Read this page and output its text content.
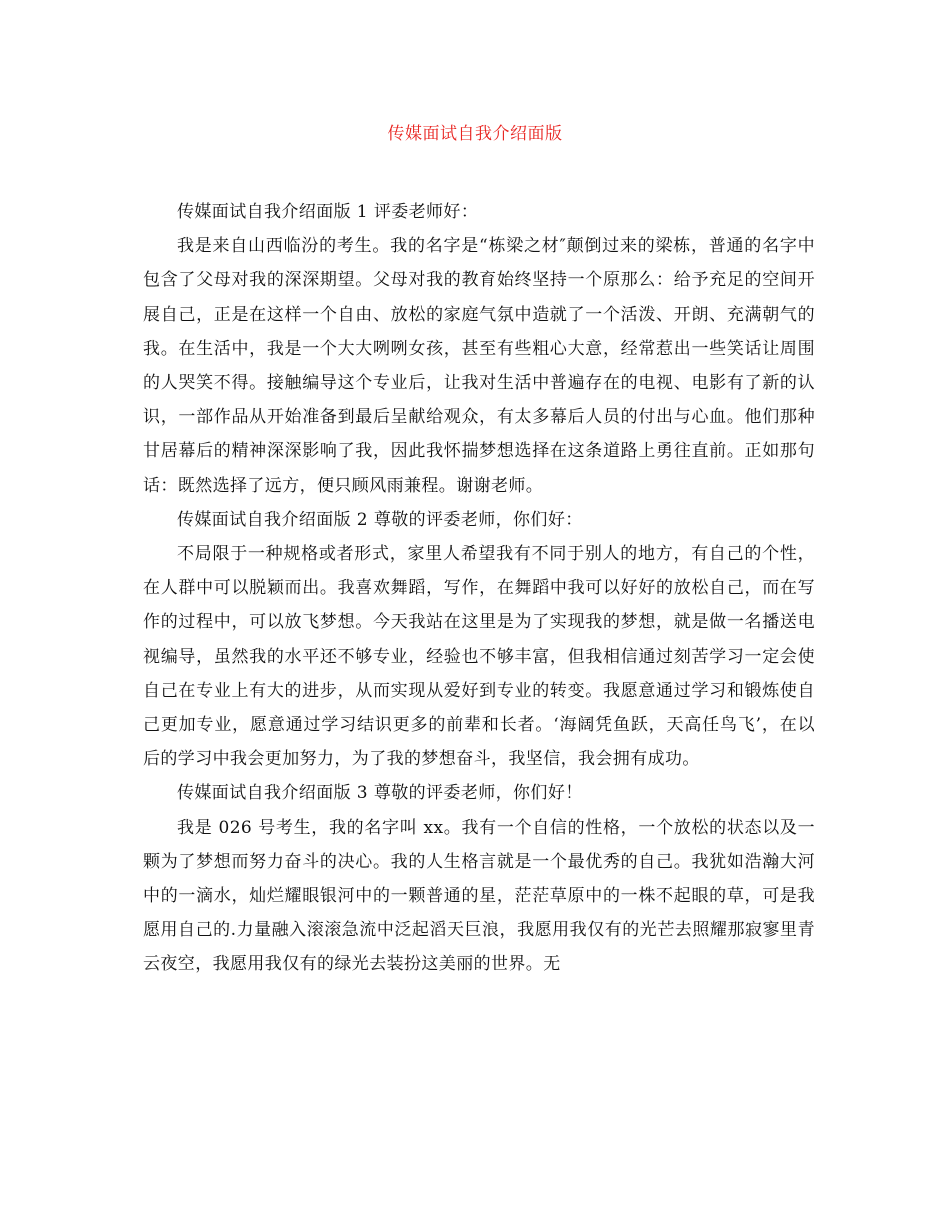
传媒面试自我介绍面版

传媒面试自我介绍面版 1 评委老师好：

我是来自山西临汾的考生。我的名字是“栋梁之材″颠倒过来的梁栋，普通的名字中包含了父母对我的深深期望。父母对我的教育始终坚持一个原那么：给予充足的空间开展自己，正是在这样一个自由、放松的家庭气氛中造就了一个活泼、开朗、充满朝气的我。在生活中，我是一个大大咧咧女孩，甚至有些粗心大意，经常惹出一些笑话让周围的人哭笑不得。接触编导这个专业后，让我对生活中普遍存在的电视、电影有了新的认识，一部作品从开始准备到最后呈献给观众，有太多幕后人员的付出与心血。他们那种甘居幕后的精神深深影响了我，因此我怀揣梦想选择在这条道路上勇往直前。正如那句话：既然选择了远方，便只顾风雨兼程。谢谢老师。

传媒面试自我介绍面版 2 尊敬的评委老师，你们好：

不局限于一种规格或者形式，家里人希望我有不同于别人的地方，有自己的个性，在人群中可以脱颖而出。我喜欢舞蹈，写作，在舞蹈中我可以好好的放松自己，而在写作的过程中，可以放飞梦想。今天我站在这里是为了实现我的梦想，就是做一名播送电视编导，虽然我的水平还不够专业，经验也不够丰富，但我相信通过刻苦学习一定会使自己在专业上有大的进步，从而实现从爱好到专业的转变。我愿意通过学习和锻炼使自己更加专业，愿意通过学习结识更多的前辈和长者。‘海阔凭鱼跃，天高任鸟飞’，在以后的学习中我会更加努力，为了我的梦想奋斗，我坚信，我会拥有成功。

传媒面试自我介绍面版 3 尊敬的评委老师，你们好！

我是 026 号考生，我的名字叫 xx。我有一个自信的性格，一个放松的状态以及一颗为了梦想而努力奋斗的决心。我的人生格言就是一个最优秀的自己。我犹如浩瀚大河中的一滴水，灿烂耀眼银河中的一颗普通的星，茫茫草原中的一株不起眼的草，可是我愿用自己的.力量融入滚滚急流中泛起滔天巨浪，我愿用我仅有的光芒去照耀那寂寥里青云夜空，我愿用我仅有的绿光去装扮这美丽的世界。无
